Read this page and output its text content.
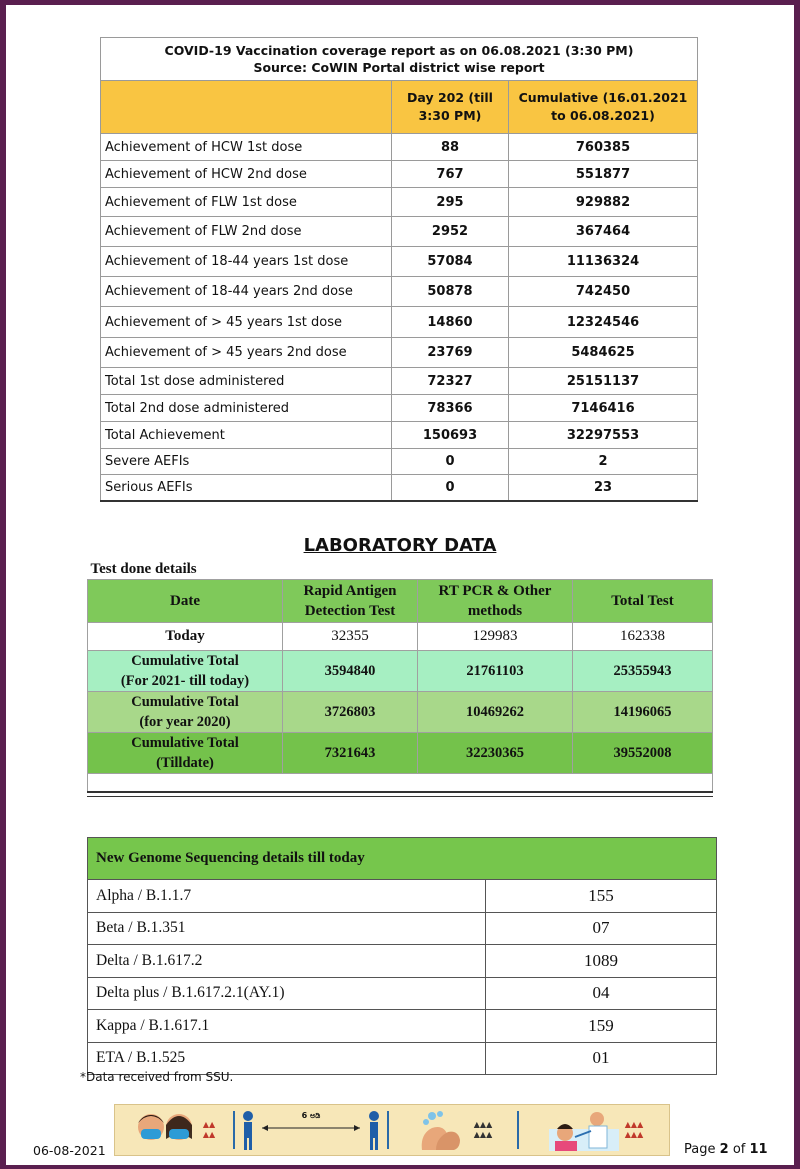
COVID-19 Vaccination coverage report as on 06.08.2021 (3:30 PM)
Source: CoWIN Portal district wise report		

	Day 202 (till 3:30 PM)	Cumulative (16.01.2021 to 06.08.2021)
Achievement of HCW 1st dose	88	760385
Achievement of HCW 2nd dose	767	551877
Achievement of FLW 1st dose	295	929882
Achievement of FLW 2nd dose	2952	367464
Achievement of 18-44 years 1st dose	57084	11136324
Achievement of 18-44 years 2nd dose	50878	742450
Achievement of > 45 years 1st dose	14860	12324546
Achievement of > 45 years 2nd dose	23769	5484625
Total 1st dose administered	72327	25151137
Total 2nd dose administered	78366	7146416
Total Achievement	150693	32297553
Severe AEFIs	0	2
Serious AEFIs	0	23
LABORATORY DATA
Test done details			
Date	Rapid Antigen Detection Test	RT PCR & Other methods	Total Test
Today	32355	129983	162338

Cumulative Total
(For 2021- till today)	3594840	21761103	25355943

Cumulative Total
(for year 2020)	3726803	10469262	14196065

Cumulative Total
(Tilldate)	7321643	32230365	39552008

New Genome Sequencing details till today	
Alpha / B.1.1.7	155
Beta / B.1.351	07
Delta / B.1.617.2	1089
Delta plus / B.1.617.2.1(AY.1)	04
Kappa / B.1.617.1	159
ETA / B.1.525	01
*Data received from SSU.
06-08-2021
▲▲
▲▲
6 ಅಡಿ
▲▲▲
▲▲▲
▲▲▲
▲▲▲
Page 2 of 11
